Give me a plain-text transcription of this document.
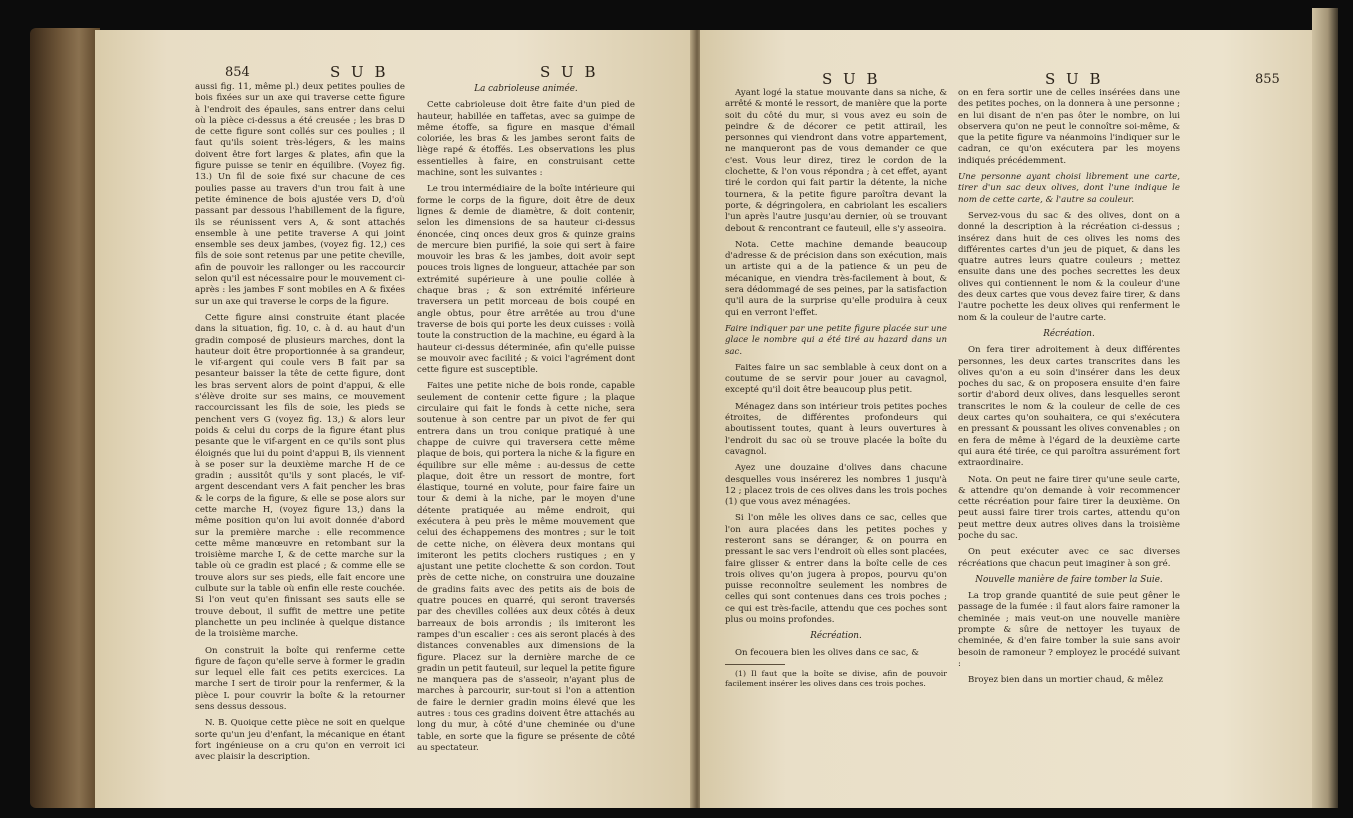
854	S U B	S U B

aussi fig. 11, même pl.) deux petites poulies de bois fixées sur un axe qui traverse cette figure à l'endroit des épaules, sans entrer dans celui où la pièce ci-dessus a été creusée ; les bras D de cette figure sont collés sur ces poulies ; il faut qu'ils soient très-légers, & les mains doivent être fort larges & plates, afin que la figure puisse se tenir en équilibre. (Voyez fig. 13.) Un fil de soie fixé sur chacune de ces poulies passe au travers d'un trou fait à une petite éminence de bois ajustée vers D, d'où passant par dessous l'habillement de la figure, ils se réunissent vers A, & sont attachés ensemble à une petite traverse A qui joint ensemble ses deux jambes, (voyez fig. 12,) ces fils de soie sont retenus par une petite cheville, afin de pouvoir les rallonger ou les raccourcir selon qu'il est nécessaire pour le mouvement ci-après : les jambes F sont mobiles en A & fixées sur un axe qui traverse le corps de la figure.

Cette figure ainsi construite étant placée dans la situation, fig. 10, c. à d. au haut d'un gradin composé de plusieurs marches, dont la hauteur doit être proportionnée à sa grandeur, le vif-argent qui coule vers B fait par sa pesanteur baisser la tête de cette figure, dont les bras servent alors de point d'appui, & elle s'élève droite sur ses mains, ce mouvement raccourcissant les fils de soie, les pieds se penchent vers G (voyez fig. 13,) & alors leur poids & celui du corps de la figure étant plus pesante que le vif-argent en ce qu'ils sont plus éloignés que lui du point d'appui B, ils viennent à se poser sur la deuxième marche H de ce gradin ; aussitôt qu'ils y sont placés, le vif-argent descendant vers A fait pencher les bras & le corps de la figure, & elle se pose alors sur cette marche H, (voyez figure 13,) dans la même position qu'on lui avoit donnée d'abord sur la première marche : elle recommence cette même manœuvre en retombant sur la troisième marche I, & de cette marche sur la table où ce gradin est placé ; & comme elle se trouve alors sur ses pieds, elle fait encore une culbute sur la table où enfin elle reste couchée. Si l'on veut qu'en finissant ses sauts elle se trouve debout, il suffit de mettre une petite planchette un peu inclinée à quelque distance de la troisième marche.

On construit la boîte qui renferme cette figure de façon qu'elle serve à former le gradin sur lequel elle fait ces petits exercices. La marche I sert de tiroir pour la renfermer, & la pièce L pour couvrir la boîte & la retourner sens dessus dessous.

N. B. Quoique cette pièce ne soit en quelque sorte qu'un jeu d'enfant, la mécanique en étant fort ingénieuse on a cru qu'on en verroit ici avec plaisir la description.

La cabrioleuse animée.

Cette cabrioleuse doit être faite d'un pied de hauteur, habillée en taffetas, avec sa guimpe de même étoffe, sa figure en masque d'émail coloriée, les bras & les jambes seront faits de liège rapé & étoffés. Les observations les plus essentielles à faire, en construisant cette machine, sont les suivantes :

Le trou intermédiaire de la boîte intérieure qui forme le corps de la figure, doit être de deux lignes & demie de diamètre, & doit contenir, selon les dimensions de sa hauteur ci-dessus énoncée, cinq onces deux gros & quinze grains de mercure bien purifié, la soie qui sert à faire mouvoir les bras & les jambes, doit avoir sept pouces trois lignes de longueur, attachée par son extrémité supérieure à une poulie collée à chaque bras ; & son extrémité inférieure traversera un petit morceau de bois coupé en angle obtus, pour être arrêtée au trou d'une traverse de bois qui porte les deux cuisses : voilà toute la construction de la machine, eu égard à la hauteur ci-dessus déterminée, afin qu'elle puisse se mouvoir avec facilité ; & voici l'agrément dont cette figure est susceptible.

Faites une petite niche de bois ronde, capable seulement de contenir cette figure ; la plaque circulaire qui fait le fonds à cette niche, sera soutenue à son centre par un pivot de fer qui entrera dans un trou conique pratiqué à une chappe de cuivre qui traversera cette même plaque de bois, qui portera la niche & la figure en équilibre sur elle même : au-dessus de cette plaque, doit être un ressort de montre, fort élastique, tourné en volute, pour faire faire un tour & demi à la niche, par le moyen d'une détente pratiquée au même endroit, qui exécutera à peu près le même mouvement que celui des échappemens des montres ; sur le toit de cette niche, on élèvera deux montans qui imiteront les petits clochers rustiques ; en y ajustant une petite clochette & son cordon. Tout près de cette niche, on construira une douzaine de gradins faits avec des petits ais de bois de quatre pouces en quarré, qui seront traversés par des chevilles collées aux deux côtés à deux barreaux de bois arrondis ; ils imiteront les rampes d'un escalier : ces ais seront placés à des distances convenables aux dimensions de la figure. Placez sur la dernière marche de ce gradin un petit fauteuil, sur lequel la petite figure ne manquera pas de s'asseoir, n'ayant plus de marches à parcourir, sur-tout si l'on a attention de faire le dernier gradin moins élevé que les autres : tous ces gradins doivent être attachés au long du mur, à côté d'une cheminée ou d'une table, en sorte que la figure se présente de côté au spectateur.

S U B	S U B	855

Ayant logé la statue mouvante dans sa niche, & arrêté & monté le ressort, de manière que la porte soit du côté du mur, si vous avez eu soin de peindre & de décorer ce petit attirail, les personnes qui viendront dans votre appartement, ne manqueront pas de vous demander ce que c'est. Vous leur direz, tirez le cordon de la clochette, & l'on vous répondra ; à cet effet, ayant tiré le cordon qui fait partir la détente, la niche tournera, & la petite figure paroîtra devant la porte, & dégringolera, en cabriolant les escaliers l'un après l'autre jusqu'au dernier, où se trouvant debout & rencontrant ce fauteuil, elle s'y asseoira.

Nota. Cette machine demande beaucoup d'adresse & de précision dans son exécution, mais un artiste qui a de la patience & un peu de mécanique, en viendra très-facilement à bout, & sera dédommagé de ses peines, par la satisfaction qu'il aura de la surprise qu'elle produira à ceux qui en verront l'effet.

Faire indiquer par une petite figure placée sur une glace le nombre qui a été tiré au hazard dans un sac.

Faites faire un sac semblable à ceux dont on a coutume de se servir pour jouer au cavagnol, excepté qu'il doit être beaucoup plus petit.

Ménagez dans son intérieur trois petites poches étroites, de différentes profondeurs qui aboutissent toutes, quant à leurs ouvertures à l'endroit du sac où se trouve placée la boîte du cavagnol.

Ayez une douzaine d'olives dans chacune desquelles vous insérerez les nombres 1 jusqu'à 12 ; placez trois de ces olives dans les trois poches (1) que vous avez ménagées.

Si l'on mêle les olives dans ce sac, celles que l'on aura placées dans les petites poches y resteront sans se déranger, & on pourra en pressant le sac vers l'endroit où elles sont placées, faire glisser & entrer dans la boîte celle de ces trois olives qu'on jugera à propos, pourvu qu'on puisse reconnoître seulement les nombres de celles qui sont contenues dans ces trois poches ; ce qui est très-facile, attendu que ces poches sont plus ou moins profondes.

Récréation.

On fecouera bien les olives dans ce sac, &

(1) Il faut que la boîte se divise, afin de pouvoir facilement insérer les olives dans ces trois poches.

on en fera sortir une de celles insérées dans une des petites poches, on la donnera à une personne ; en lui disant de n'en pas ôter le nombre, on lui observera qu'on ne peut le connoître soi-même, & que la petite figure va néanmoins l'indiquer sur le cadran, ce qu'on exécutera par les moyens indiqués précédemment.

Une personne ayant choisi librement une carte, tirer d'un sac deux olives, dont l'une indique le nom de cette carte, & l'autre sa couleur.

Servez-vous du sac & des olives, dont on a donné la description à la récréation ci-dessus ; insérez dans huit de ces olives les noms des différentes cartes d'un jeu de piquet, & dans les quatre autres leurs quatre couleurs ; mettez ensuite dans une des poches secrettes les deux olives qui contiennent le nom & la couleur d'une des deux cartes que vous devez faire tirer, & dans l'autre pochette les deux olives qui renferment le nom & la couleur de l'autre carte.

Récréation.

On fera tirer adroitement à deux différentes personnes, les deux cartes transcrites dans les olives qu'on a eu soin d'insérer dans les deux poches du sac, & on proposera ensuite d'en faire sortir d'abord deux olives, dans lesquelles seront transcrites le nom & la couleur de celle de ces deux cartes qu'on souhaitera, ce qui s'exécutera en pressant & poussant les olives convenables ; on en fera de même à l'égard de la deuxième carte qui aura été tirée, ce qui paroîtra assurément fort extraordinaire.

Nota. On peut ne faire tirer qu'une seule carte, & attendre qu'on demande à voir recommencer cette récréation pour faire tirer la deuxième. On peut aussi faire tirer trois cartes, attendu qu'on peut mettre deux autres olives dans la troisième poche du sac.

On peut exécuter avec ce sac diverses récréations que chacun peut imaginer à son gré.

Nouvelle manière de faire tomber la Suie.

La trop grande quantité de suie peut gêner le passage de la fumée : il faut alors faire ramoner la cheminée ; mais veut-on une nouvelle manière prompte & sûre de nettoyer les tuyaux de cheminée, & d'en faire tomber la suie sans avoir besoin de ramoneur ? employez le procédé suivant :

Broyez bien dans un mortier chaud, & mêlez
